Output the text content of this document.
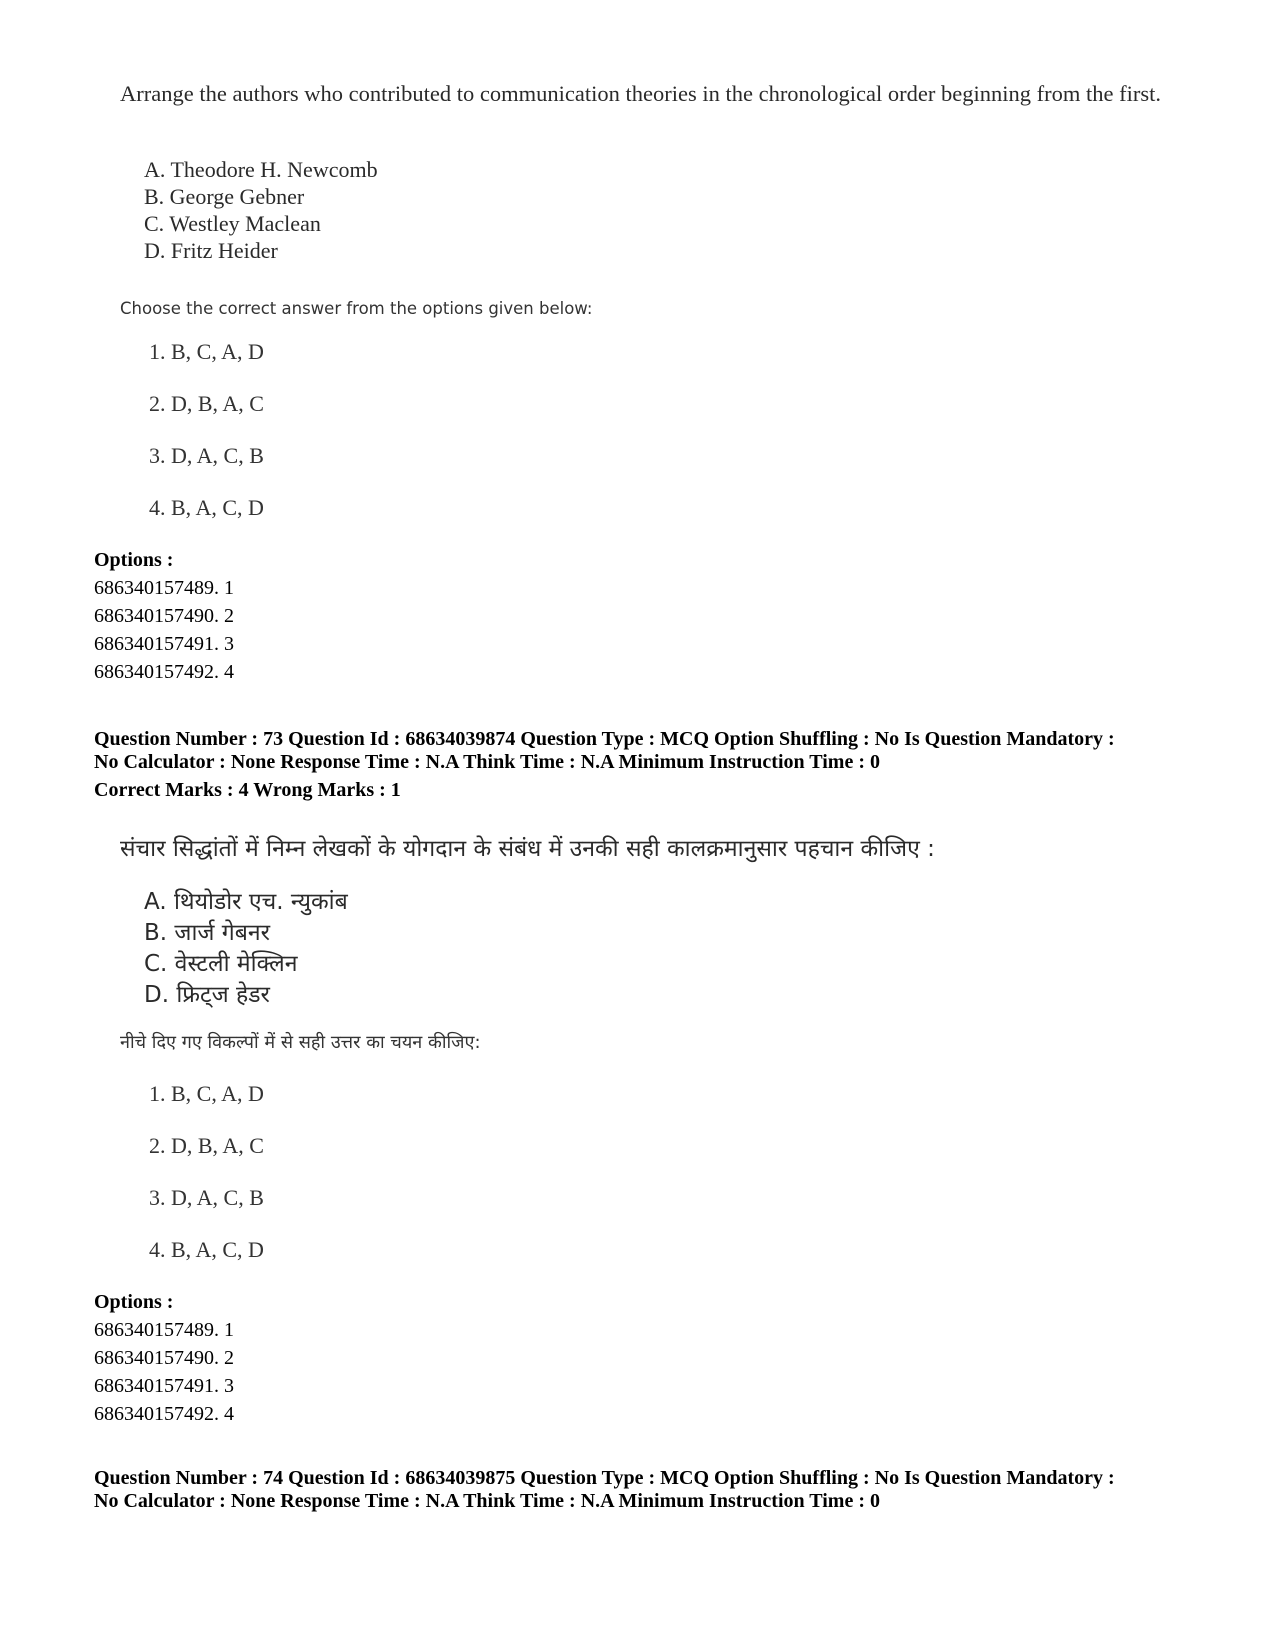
Arrange the authors who contributed to communication theories in the chronological order beginning from the first.
A. Theodore H. Newcomb
B. George Gebner
C. Westley Maclean
D. Fritz Heider
Choose the correct answer from the options given below:
1. B, C, A, D
2. D, B, A, C
3. D, A, C, B
4. B, A, C, D
Options :
686340157489. 1
686340157490. 2
686340157491. 3
686340157492. 4
Question Number : 73 Question Id : 68634039874 Question Type : MCQ Option Shuffling : No Is Question Mandatory :
No Calculator : None Response Time : N.A Think Time : N.A Minimum Instruction Time : 0
Correct Marks : 4 Wrong Marks : 1
संचार सिद्धांतों में निम्न लेखकों के योगदान के संबंध में उनकी सही कालक्रमानुसार पहचान कीजिए :
A. थियोडोर एच. न्युकांब
B. जार्ज गेबनर
C. वेस्टली मेक्लिन
D. फ्रिट्ज हेडर
नीचे दिए गए विकल्पों में से सही उत्तर का चयन कीजिए:
1. B, C, A, D
2. D, B, A, C
3. D, A, C, B
4. B, A, C, D
Options :
686340157489. 1
686340157490. 2
686340157491. 3
686340157492. 4
Question Number : 74 Question Id : 68634039875 Question Type : MCQ Option Shuffling : No Is Question Mandatory :
No Calculator : None Response Time : N.A Think Time : N.A Minimum Instruction Time : 0
